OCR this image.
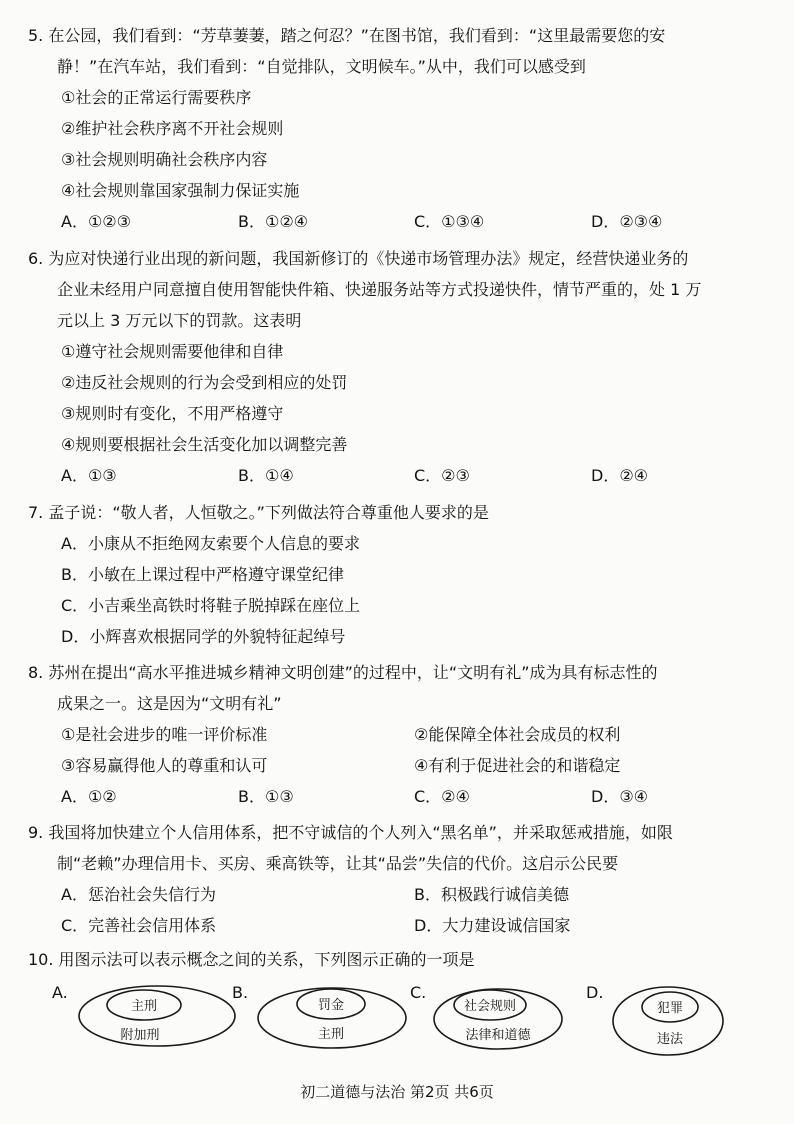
5. 在公园，我们看到：“芳草萋萋，踏之何忍？”在图书馆，我们看到：“这里最需要您的安
静！”在汽车站，我们看到：“自觉排队，文明候车。”从中，我们可以感受到
①社会的正常运行需要秩序
②维护社会秩序离不开社会规则
③社会规则明确社会秩序内容
④社会规则靠国家强制力保证实施
A．①②③	B．①②④	C．①③④	D．②③④
6. 为应对快递行业出现的新问题，我国新修订的《快递市场管理办法》规定，经营快递业务的
企业未经用户同意擅自使用智能快件箱、快递服务站等方式投递快件，情节严重的，处 1 万
元以上 3 万元以下的罚款。这表明
①遵守社会规则需要他律和自律
②违反社会规则的行为会受到相应的处罚
③规则时有变化，不用严格遵守
④规则要根据社会生活变化加以调整完善
A．①③	B．①④	C．②③	D．②④
7. 孟子说：“敬人者，人恒敬之。”下列做法符合尊重他人要求的是
A．小康从不拒绝网友索要个人信息的要求
B．小敏在上课过程中严格遵守课堂纪律
C．小吉乘坐高铁时将鞋子脱掉踩在座位上
D．小辉喜欢根据同学的外貌特征起绰号
8. 苏州在提出“高水平推进城乡精神文明创建”的过程中，让“文明有礼”成为具有标志性的
成果之一。这是因为“文明有礼”
①是社会进步的唯一评价标准	②能保障全体社会成员的权利
③容易赢得他人的尊重和认可	④有利于促进社会的和谐稳定
A．①②	B．①③	C．②④	D．③④
9. 我国将加快建立个人信用体系，把不守诚信的个人列入“黑名单”，并采取惩戒措施，如限
制“老赖”办理信用卡、买房、乘高铁等，让其“品尝”失信的代价。这启示公民要
A．惩治社会失信行为	B．积极践行诚信美德
C．完善社会信用体系	D．大力建设诚信国家
10. 用图示法可以表示概念之间的关系，下列图示正确的一项是
A.
主刑
附加刑
B.
罚金
主刑
C.
社会规则
法律和道德
D.
犯罪
违法
初二道德与法治 第2页 共6页
